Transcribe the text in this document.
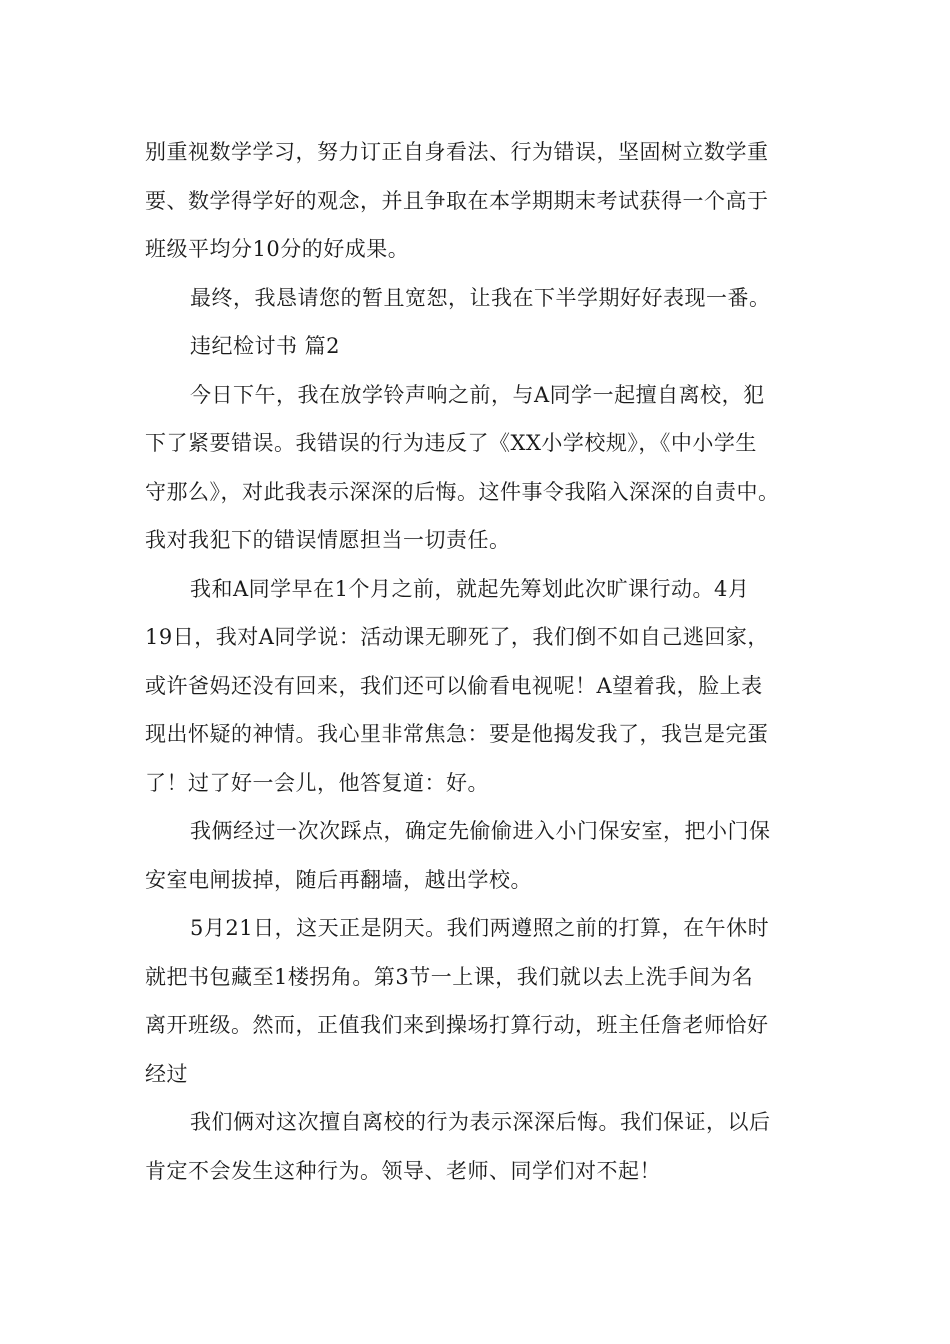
别重视数学学习，努力订正自身看法、行为错误，坚固树立数学重
要、数学得学好的观念，并且争取在本学期期末考试获得一个高于
班级平均分10分的好成果。
最终，我恳请您的暂且宽恕，让我在下半学期好好表现一番。
违纪检讨书 篇2
今日下午，我在放学铃声响之前，与A同学一起擅自离校，犯
下了紧要错误。我错误的行为违反了《XX小学校规》，《中小学生
守那么》，对此我表示深深的后悔。这件事令我陷入深深的自责中。
我对我犯下的错误情愿担当一切责任。
我和A同学早在1个月之前，就起先筹划此次旷课行动。4月
19日，我对A同学说：活动课无聊死了，我们倒不如自己逃回家，
或许爸妈还没有回来，我们还可以偷看电视呢！A望着我，脸上表
现出怀疑的神情。我心里非常焦急：要是他揭发我了，我岂是完蛋
了！过了好一会儿，他答复道：好。
我俩经过一次次踩点，确定先偷偷进入小门保安室，把小门保
安室电闸拔掉，随后再翻墙，越出学校。
5月21日，这天正是阴天。我们两遵照之前的打算，在午休时
就把书包藏至1楼拐角。第3节一上课，我们就以去上洗手间为名
离开班级。然而，正值我们来到操场打算行动，班主任詹老师恰好
经过
我们俩对这次擅自离校的行为表示深深后悔。我们保证，以后
肯定不会发生这种行为。领导、老师、同学们对不起！
